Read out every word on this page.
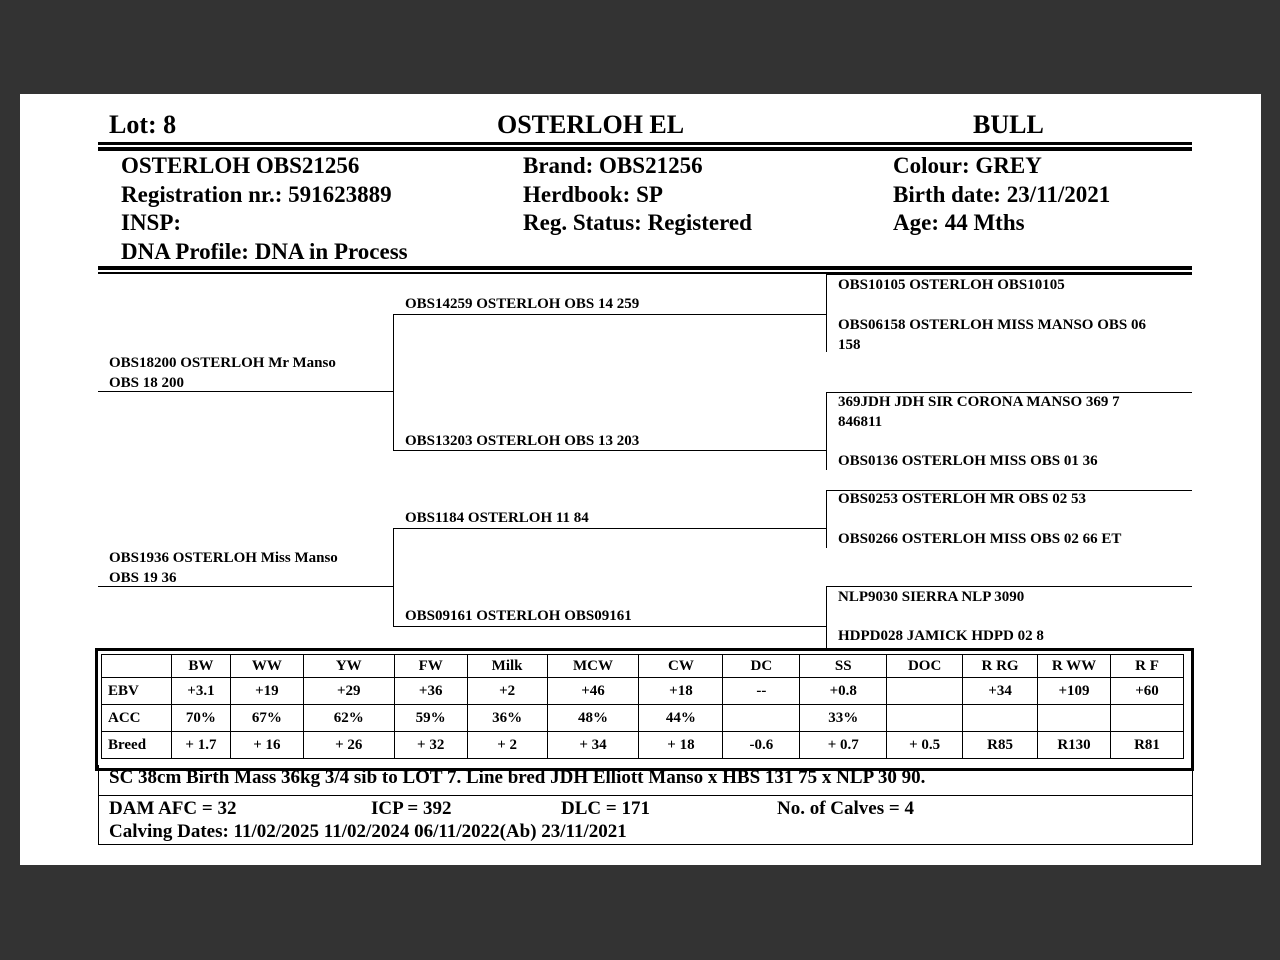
Lot: 8	OSTERLOH EL	BULL
OSTERLOH OBS21256
Registration nr.: 591623889
INSP:
DNA Profile: DNA in Process
Brand: OBS21256
Herdbook: SP
Reg. Status: Registered
Colour: GREY
Birth date: 23/11/2021
Age: 44 Mths
OBS18200 OSTERLOH Mr Manso
OBS 18 200
OBS1936 OSTERLOH Miss Manso
OBS 19 36
OBS14259 OSTERLOH OBS 14 259
OBS13203 OSTERLOH OBS 13 203
OBS1184 OSTERLOH 11 84
OBS09161 OSTERLOH OBS09161
OBS10105 OSTERLOH OBS10105
OBS06158 OSTERLOH MISS MANSO OBS 06
158
369JDH JDH SIR CORONA MANSO 369 7
846811
OBS0136 OSTERLOH MISS OBS 01 36
OBS0253 OSTERLOH MR OBS 02 53
OBS0266 OSTERLOH MISS OBS 02 66 ET
NLP9030 SIERRA NLP 3090
HDPD028 JAMICK HDPD 02 8
	BW	WW	YW	FW	Milk	MCW	CW	DC	SS	DOC	R RG	R WW	R F
EBV	+3.1	+19	+29	+36	+2	+46	+18	--	+0.8		+34	+109	+60
ACC	70%	67%	62%	59%	36%	48%	44%		33%				
Breed	+ 1.7	+ 16	+ 26	+ 32	+ 2	+ 34	+ 18	-0.6	+ 0.7	+ 0.5	R85	R130	R81
SC 38cm Birth Mass 36kg 3/4 sib to LOT 7. Line bred JDH Elliott Manso x HBS 131 75 x NLP 30 90.
DAM AFC = 32	ICP = 392	DLC = 171	No. of Calves = 4
Calving Dates: 11/02/2025 11/02/2024 06/11/2022(Ab) 23/11/2021
